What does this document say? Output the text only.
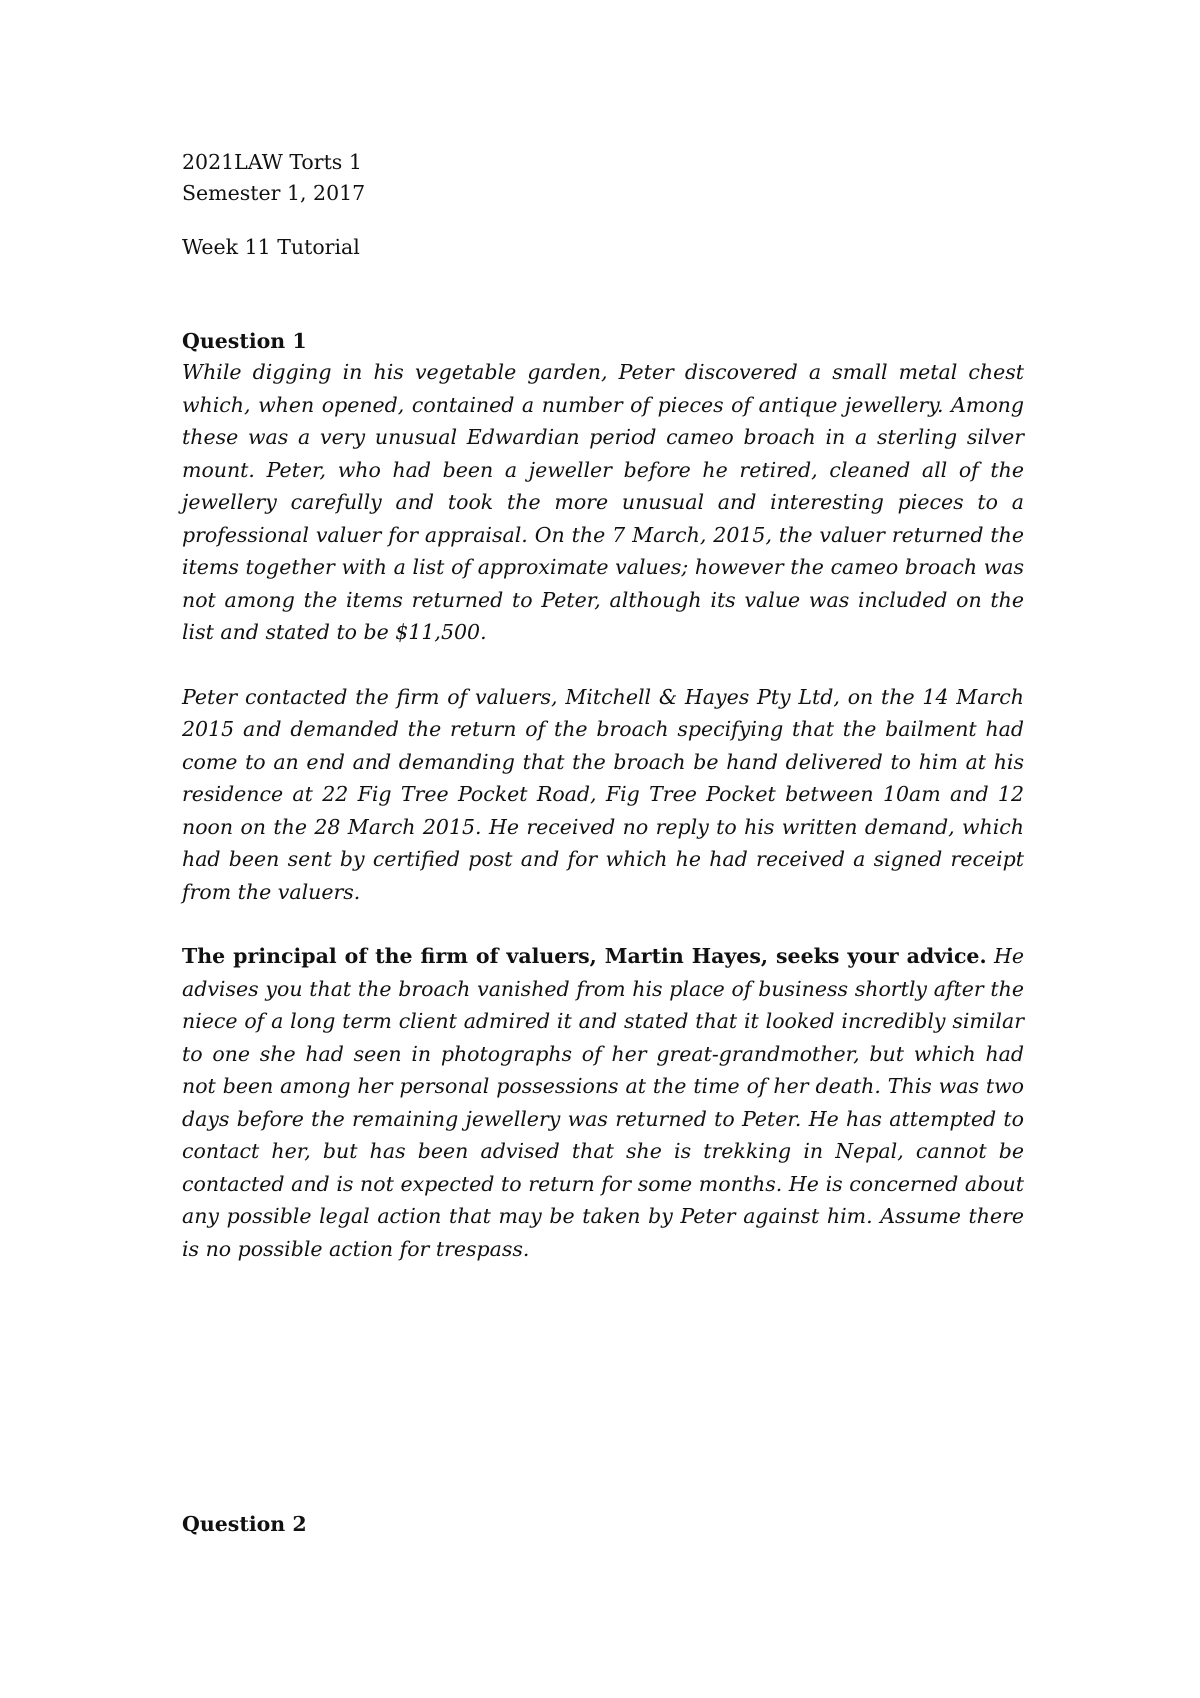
2021LAW Torts 1
Semester 1, 2017
Week 11 Tutorial
Question 1

While digging in his vegetable garden, Peter discovered a small metal chest which, when opened, contained a number of pieces of antique jewellery. Among these was a very unusual Edwardian period cameo broach in a sterling silver mount. Peter, who had been a jeweller before he retired, cleaned all of the jewellery carefully and took the more unusual and interesting pieces to a professional valuer for appraisal. On the 7 March, 2015, the valuer returned the items together with a list of approximate values; however the cameo broach was not among the items returned to Peter, although its value was included on the list and stated to be $11,500.

Peter contacted the firm of valuers, Mitchell & Hayes Pty Ltd, on the 14 March 2015 and demanded the return of the broach specifying that the bailment had come to an end and demanding that the broach be hand delivered to him at his residence at 22 Fig Tree Pocket Road, Fig Tree Pocket between 10am and 12 noon on the 28 March 2015. He received no reply to his written demand, which had been sent by certified post and for which he had received a signed receipt from the valuers.

The principal of the firm of valuers, Martin Hayes, seeks your advice. He advises you that the broach vanished from his place of business shortly after the niece of a long term client admired it and stated that it looked incredibly similar to one she had seen in photographs of her great-grandmother, but which had not been among her personal possessions at the time of her death. This was two days before the remaining jewellery was returned to Peter. He has attempted to contact her, but has been advised that she is trekking in Nepal, cannot be contacted and is not expected to return for some months. He is concerned about any possible legal action that may be taken by Peter against him. Assume there is no possible action for trespass.

Question 2
